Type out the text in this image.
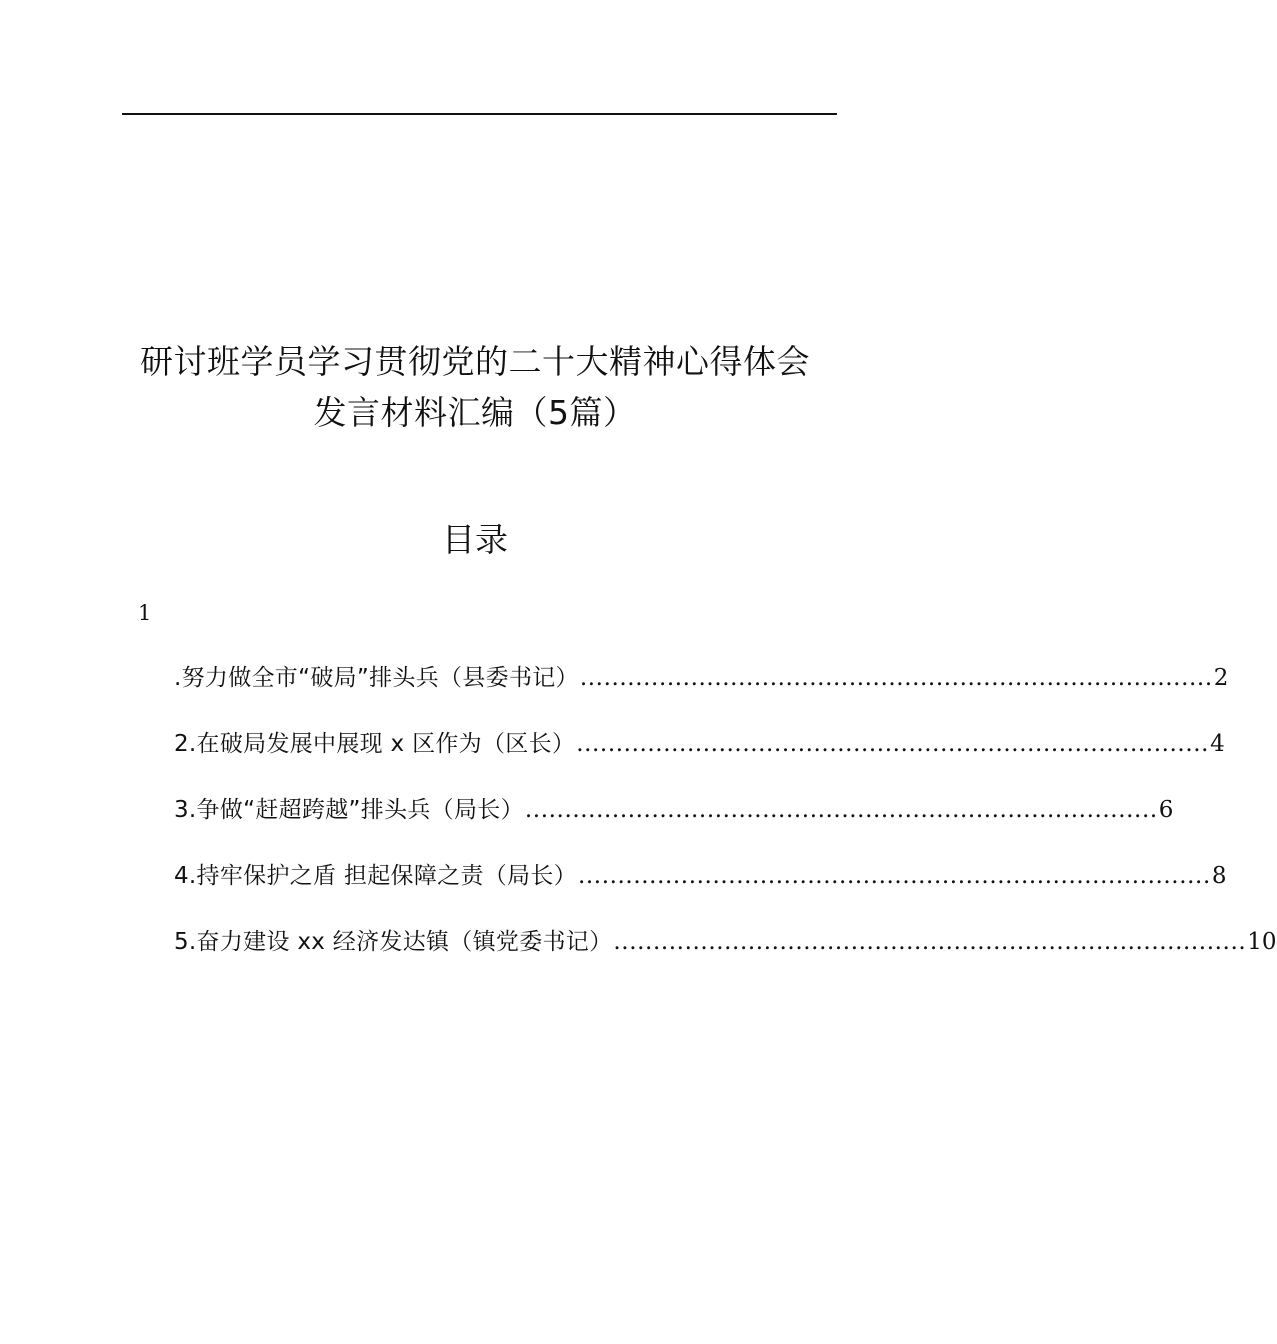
研讨班学员学习贯彻党的二十大精神心得体会
发言材料汇编（5篇）
目录
1
.努力做全市“破局”排头兵（县委书记） ................................................................................ 2
2.在破局发展中展现 x 区作为（区长） ................................................................................ 4
3.争做“赶超跨越”排头兵（局长） ................................................................................ 6
4.持牢保护之盾 担起保障之责（局长） ................................................................................ 8
5.奋力建设 xx 经济发达镇（镇党委书记） ................................................................................ 10
